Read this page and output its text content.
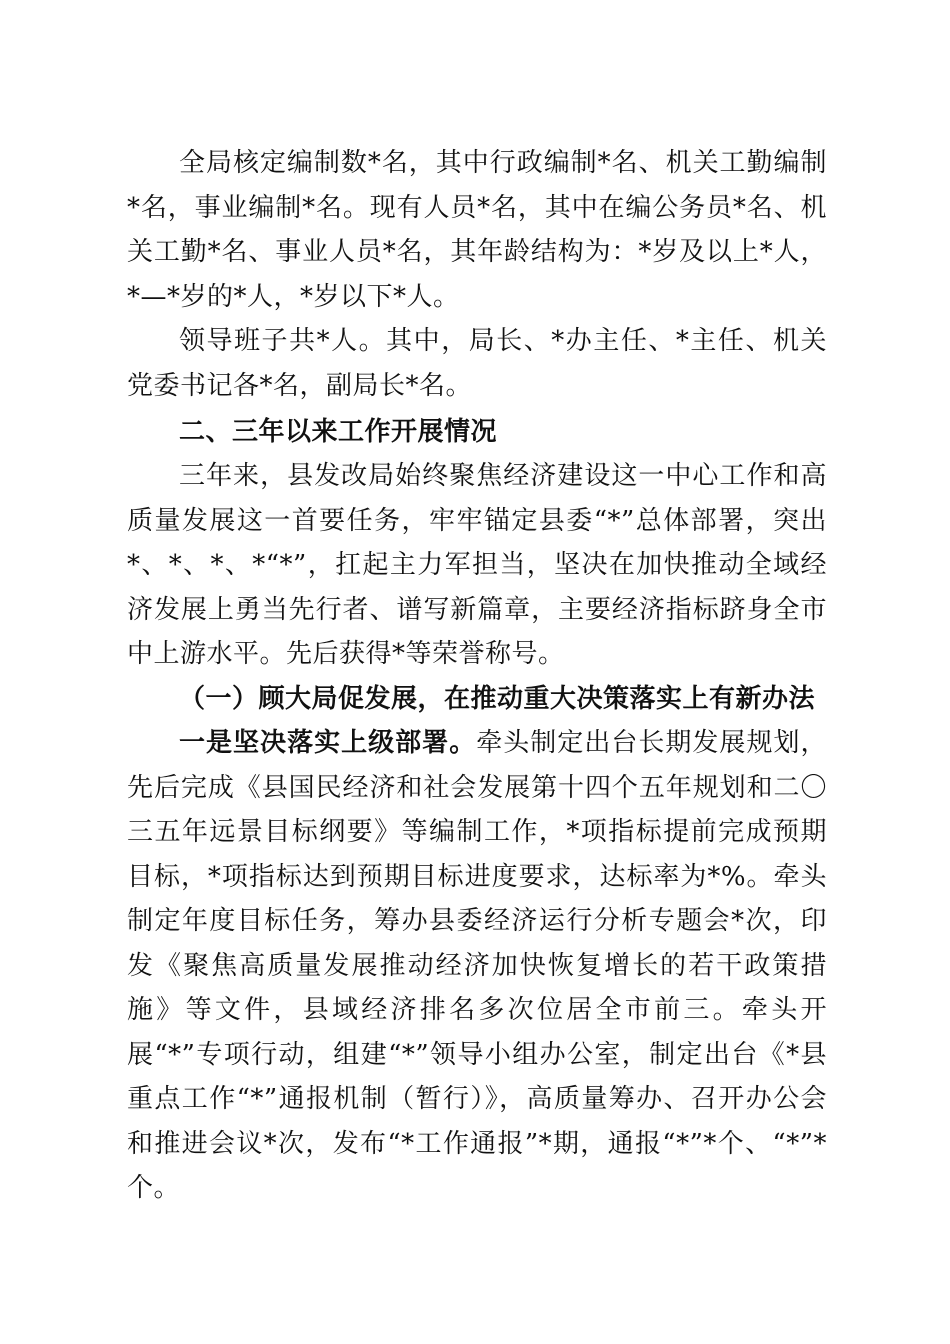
全局核定编制数*名，其中行政编制*名、机关工勤编制*名，事业编制*名。现有人员*名，其中在编公务员*名、机关工勤*名、事业人员*名，其年龄结构为：*岁及以上*人，*—*岁的*人，*岁以下*人。

领导班子共*人。其中，局长、*办主任、*主任、机关党委书记各*名，副局长*名。

二、三年以来工作开展情况

三年来，县发改局始终聚焦经济建设这一中心工作和高质量发展这一首要任务，牢牢锚定县委“*”总体部署，突出*、*、*、*“*”，扛起主力军担当，坚决在加快推动全域经济发展上勇当先行者、谱写新篇章，主要经济指标跻身全市中上游水平。先后获得*等荣誉称号。

（一）顾大局促发展，在推动重大决策落实上有新办法

一是坚决落实上级部署。牵头制定出台长期发展规划，先后完成《县国民经济和社会发展第十四个五年规划和二〇三五年远景目标纲要》等编制工作，*项指标提前完成预期目标，*项指标达到预期目标进度要求，达标率为*%。牵头制定年度目标任务，筹办县委经济运行分析专题会*次，印发《聚焦高质量发展推动经济加快恢复增长的若干政策措施》等文件，县域经济排名多次位居全市前三。牵头开展“*”专项行动，组建“*”领导小组办公室，制定出台《*县重点工作“*”通报机制（暂行）》，高质量筹办、召开办公会和推进会议*次，发布“*工作通报”*期，通报“*”*个、“*”*个。
